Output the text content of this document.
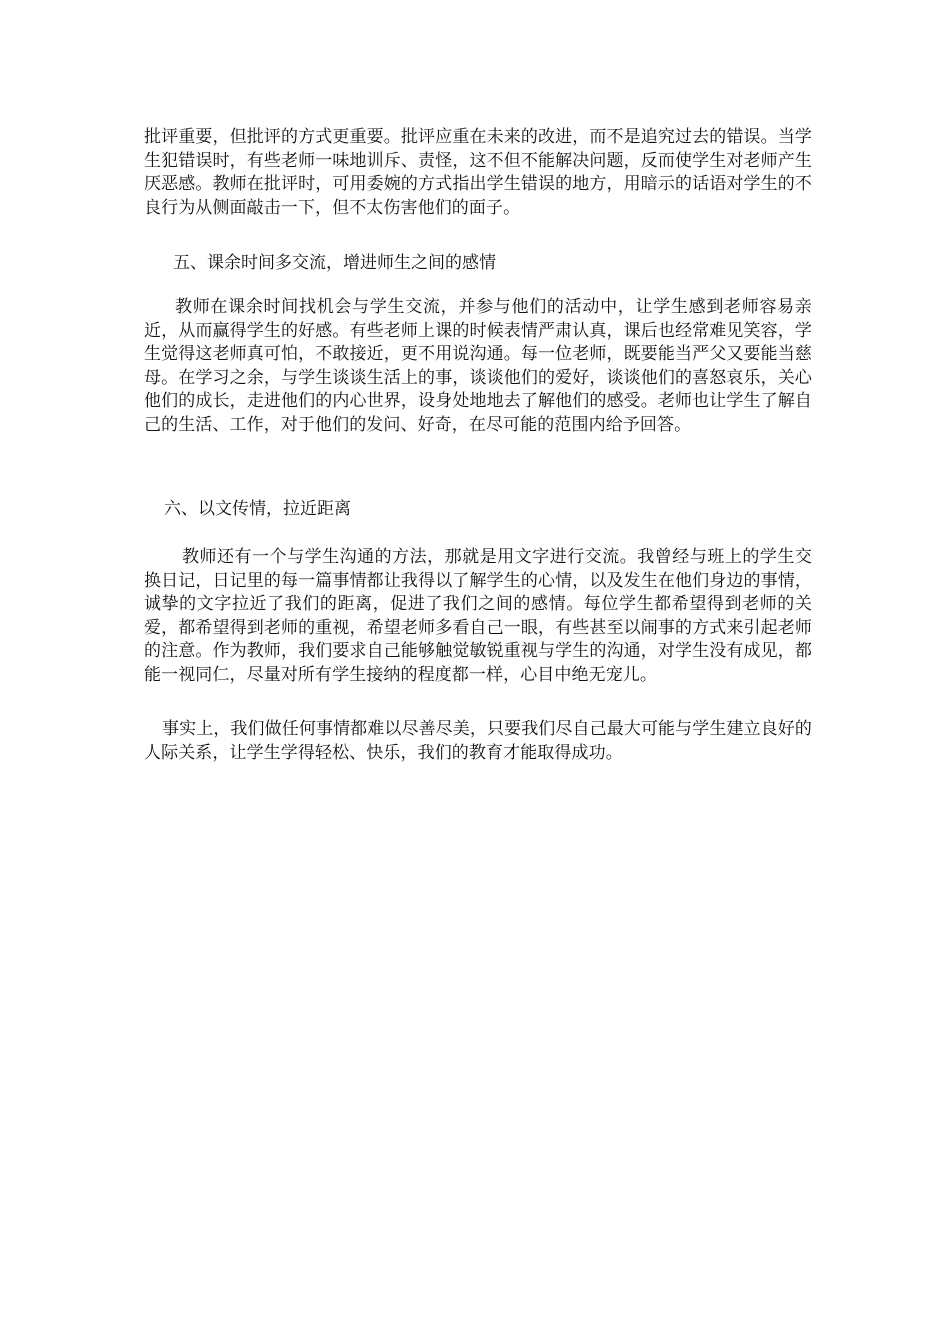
批评重要，但批评的方式更重要。批评应重在未来的改进，而不是追究过去的错误。当学生犯错误时，有些老师一味地训斥、责怪，这不但不能解决问题，反而使学生对老师产生厌恶感。教师在批评时，可用委婉的方式指出学生错误的地方，用暗示的话语对学生的不良行为从侧面敲击一下，但不太伤害他们的面子。

五、课余时间多交流，增进师生之间的感情

教师在课余时间找机会与学生交流，并参与他们的活动中，让学生感到老师容易亲近，从而赢得学生的好感。有些老师上课的时候表情严肃认真，课后也经常难见笑容，学生觉得这老师真可怕，不敢接近，更不用说沟通。每一位老师，既要能当严父又要能当慈母。在学习之余，与学生谈谈生活上的事，谈谈他们的爱好，谈谈他们的喜怒哀乐，关心他们的成长，走进他们的内心世界，设身处地地去了解他们的感受。老师也让学生了解自己的生活、工作，对于他们的发问、好奇，在尽可能的范围内给予回答。

六、以文传情，拉近距离

教师还有一个与学生沟通的方法，那就是用文字进行交流。我曾经与班上的学生交换日记，日记里的每一篇事情都让我得以了解学生的心情，以及发生在他们身边的事情，诚挚的文字拉近了我们的距离，促进了我们之间的感情。每位学生都希望得到老师的关爱，都希望得到老师的重视，希望老师多看自己一眼，有些甚至以闹事的方式来引起老师的注意。作为教师，我们要求自己能够触觉敏锐重视与学生的沟通，对学生没有成见，都能一视同仁，尽量对所有学生接纳的程度都一样，心目中绝无宠儿。

事实上，我们做任何事情都难以尽善尽美，只要我们尽自己最大可能与学生建立良好的人际关系，让学生学得轻松、快乐，我们的教育才能取得成功。
